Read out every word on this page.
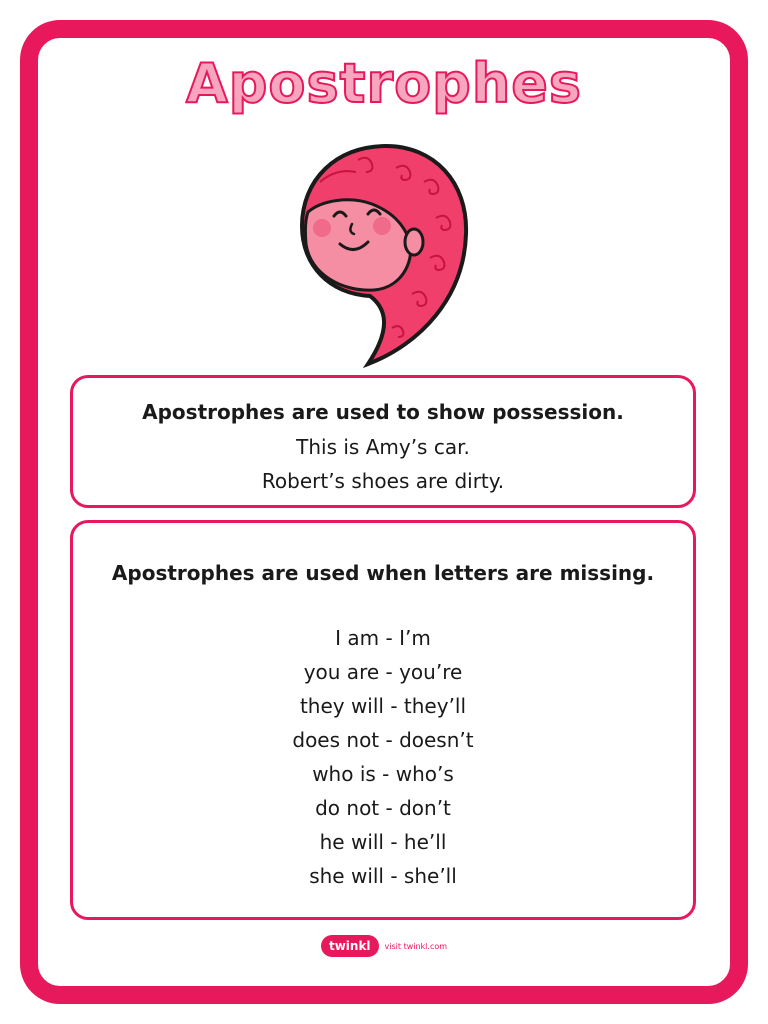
Apostrophes
Apostrophes are used to show possession.
This is Amy’s car.
Robert’s shoes are dirty.
Apostrophes are used when letters are missing.
I am - I’m
you are - you’re
they will - they’ll
does not - doesn’t
who is - who’s
do not - don’t
he will - he’ll
she will - she’ll
twinkl	visit twinkl.com
